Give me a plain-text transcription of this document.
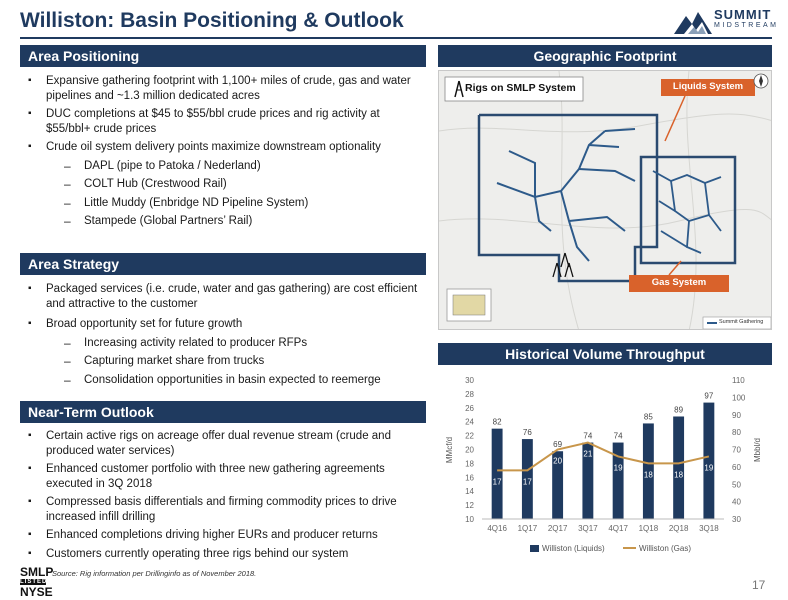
Williston: Basin Positioning & Outlook	SUMMIT
MIDSTREAM
Area Positioning
▪ Expansive gathering footprint with 1,100+ miles of crude, gas and water pipelines and ~1.3 million dedicated acres
▪ DUC completions at $45 to $55/bbl crude prices and rig activity at $55/bbl+ crude prices
▪ Crude oil system delivery points maximize downstream optionality
– DAPL (pipe to Patoka / Nederland)
– COLT Hub (Crestwood Rail)
– Little Muddy (Enbridge ND Pipeline System)
– Stampede (Global Partners’ Rail)
Area Strategy
▪ Packaged services (i.e. crude, water and gas gathering) are cost efficient and attractive to the customer
▪ Broad opportunity set for future growth
– Increasing activity related to producer RFPs
– Capturing market share from trucks
– Consolidation opportunities in basin expected to reemerge
Near-Term Outlook
▪ Certain active rigs on acreage offer dual revenue stream (crude and produced water services)
▪ Enhanced customer portfolio with three new gathering agreements executed in 3Q 2018
▪ Compressed basis differentials and firming commodity prices to drive increased infill drilling
▪ Enhanced completions driving higher EURs and producer returns
▪ Customers currently operating three rigs behind our system
Geographic Footprint
Rigs on SMLP System	Liquids System
Gas System
Summit Gathering
Historical Volume Throughput
10
12
14
16
18
20
22
24
26
28
30
30
40
50
60
70
80
90
100
110
82
76
69
74	74
85
89
97
17	17
20
21
19
18	18
19
4Q16 1Q17 2Q17 3Q17 4Q17 1Q18 2Q18 3Q18
MMcf/d	Mbbl/d
Williston (Liquids)	Williston (Gas)
SMLP
LISTED
NYSE
Source: Rig information per Drillinginfo as of November 2018.
17
